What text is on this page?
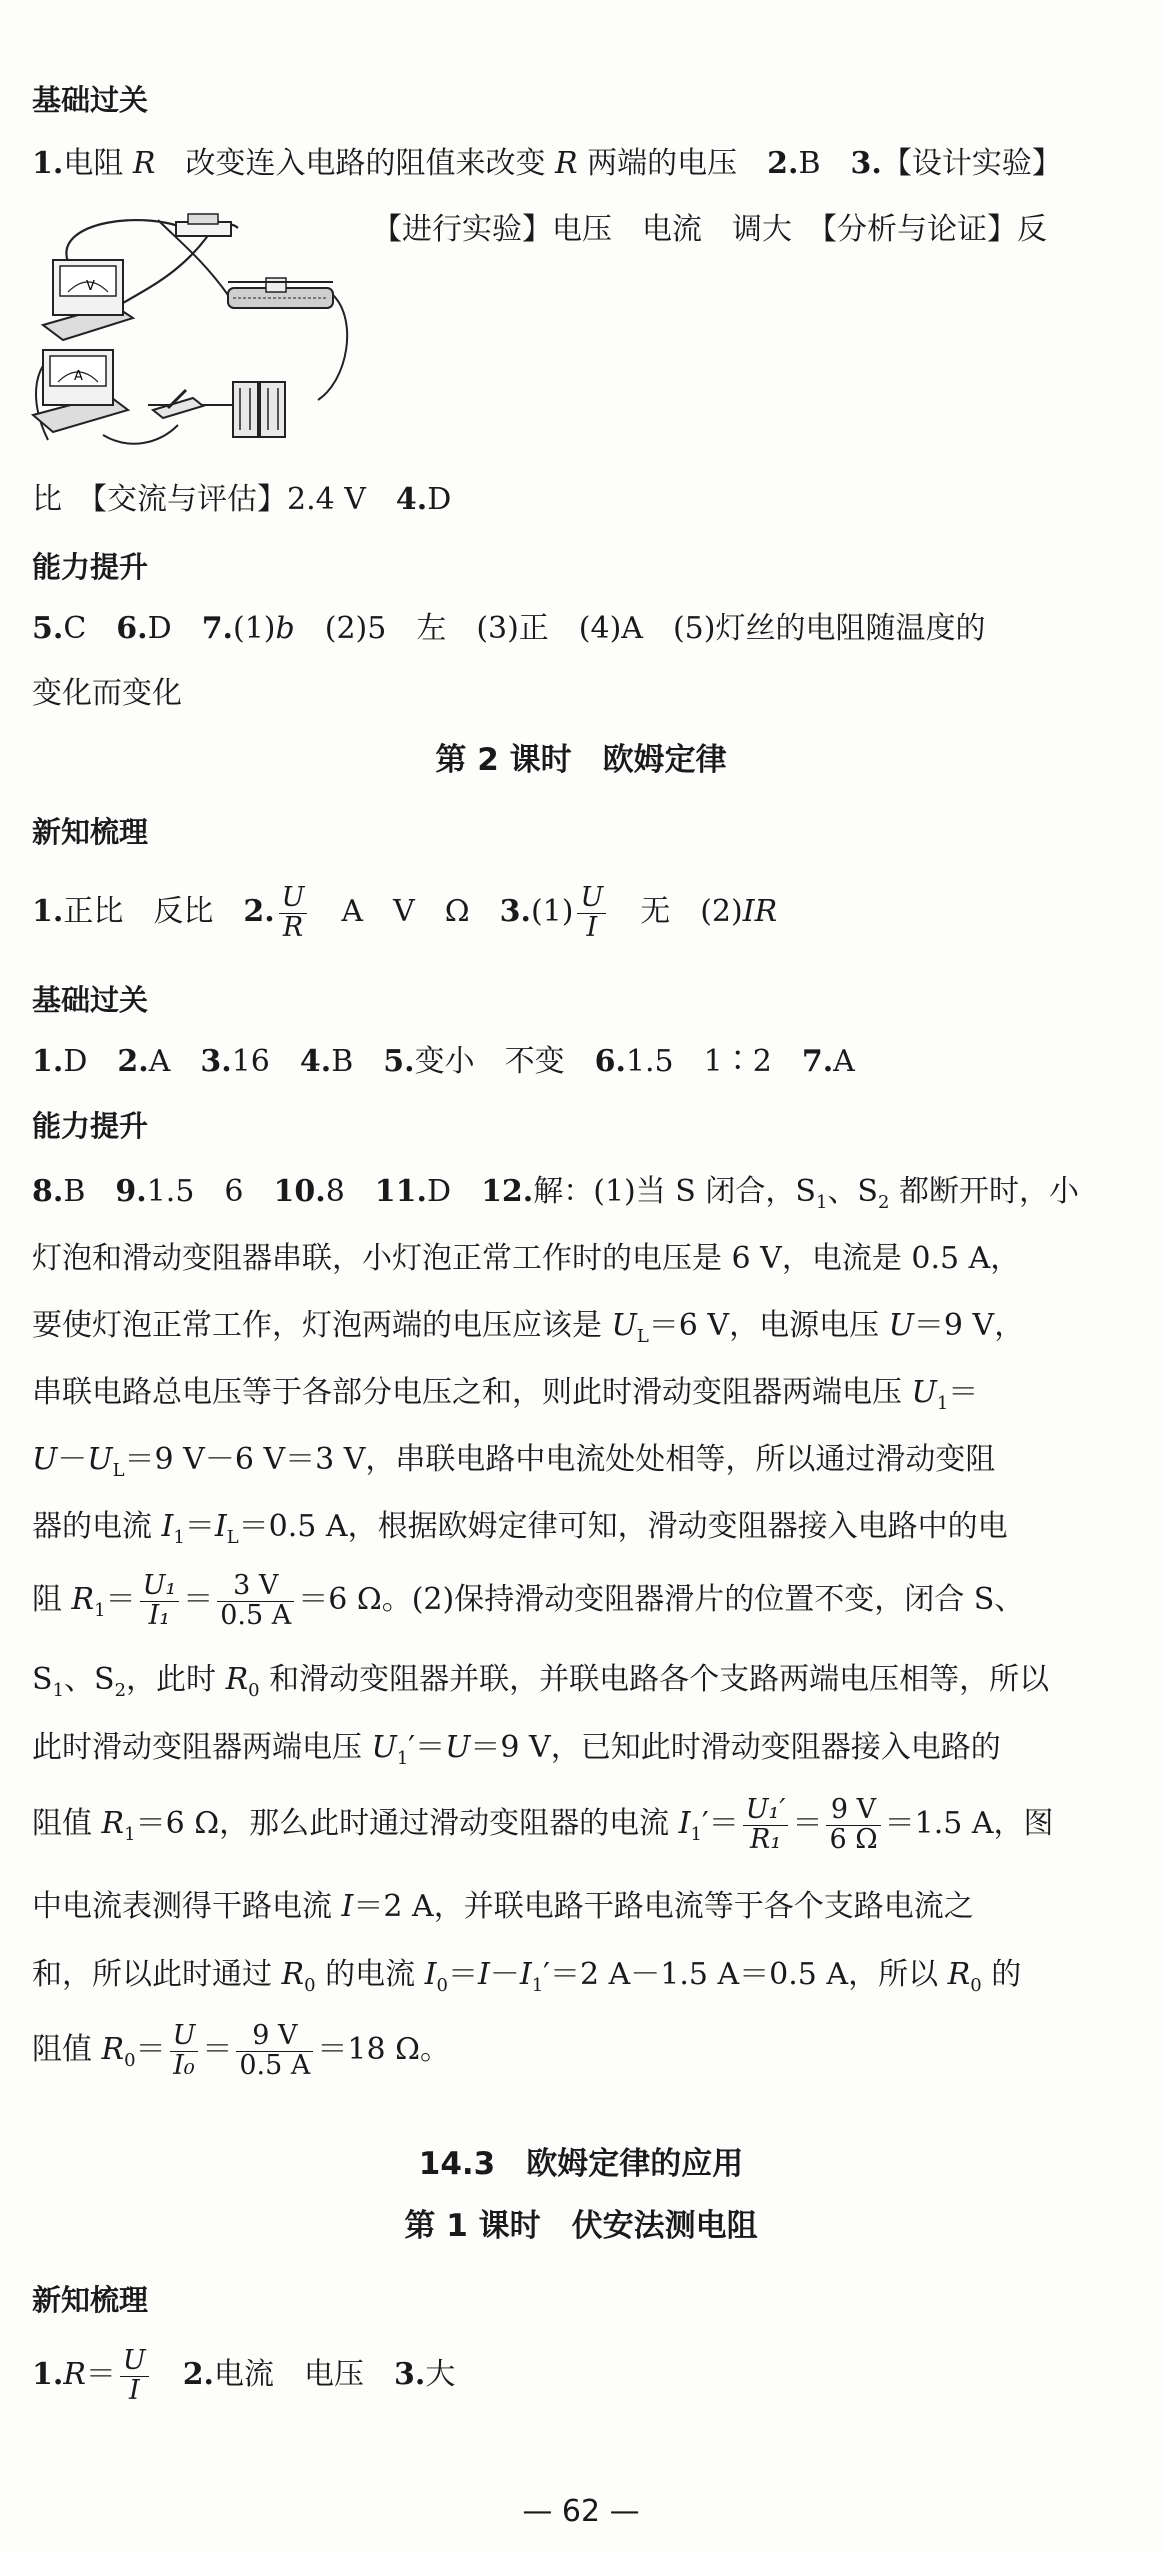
基础过关
1.电阻 R　改变连入电路的阻值来改变 R 两端的电压　2.B　3.【设计实验】
【进行实验】电压　电流　调大　【分析与论证】反
V
A
比　【交流与评估】2.4 V　4.D
能力提升
5.C　6.D　7.(1)b　(2)5　左　(3)正　(4)A　(5)灯丝的电阻随温度的
变化而变化
第 2 课时　欧姆定律
新知梳理
1.正比　反比　2. $\frac{U}{R}$ 　A　V　Ω　$3.(1) \frac{U}{I}$ 　无　(2)IR
基础过关
1.D　2.A　3.16　4.B　5.变小　不变　6.1.5　1∶2　7.A
能力提升
8.B　9.1.5　6　10.8　11.D　12.解：(1)当 S 闭合，$S_1$、$S_2$ 都断开时，小
灯泡和滑动变阻器串联，小灯泡正常工作时的电压是 6 V，电流是 0.5 A，
要使灯泡正常工作，灯泡两端的电压应该是 $U_L=6$ V，电源电压 U＝9 V，
串联电路总电压等于各部分电压之和，则此时滑动变阻器两端电压 $U_1=$
$U-U_L=9$ V－6 V＝3 V，串联电路中电流处处相等，所以通过滑动变阻
器的电流 $I_1=I_L=0.5$ A，根据欧姆定律可知，滑动变阻器接入电路中的电
阻 $R_1= \frac{\text{U₁}}{\text{I₁}} = \frac{3 V}{0.5 A} =6$ Ω。(2)保持滑动变阻器滑片的位置不变，闭合 S、
$S_1$、$S_2$，此时 $R_0$ 和滑动变阻器并联，并联电路各个支路两端电压相等，所以
此时滑动变阻器两端电压 $U_1'=U=9$ V，已知此时滑动变阻器接入电路的
阻值 $R_1=6$ Ω，那么此时通过滑动变阻器的电流 $I_1'= \frac{\text{U₁′}}{\text{R₁}} = \frac{9 V}{6 \Omega} =1.5$ A，图
中电流表测得干路电流 I＝2 A，并联电路干路电流等于各个支路电流之
和，所以此时通过 $R_0$ 的电流 $I_0=I-I_1'=2$ A－1.5 A＝0.5 A，所以 $R_0$ 的
阻值 $R_0= \frac{U}{\text{I₀}} = \frac{9 V}{0.5 A} =18$ Ω。
14.3　欧姆定律的应用
第 1 课时　伏安法测电阻
新知梳理
$1.R= \frac{U}{I}$
　 2.电流　电压　3.大
— 62 —
